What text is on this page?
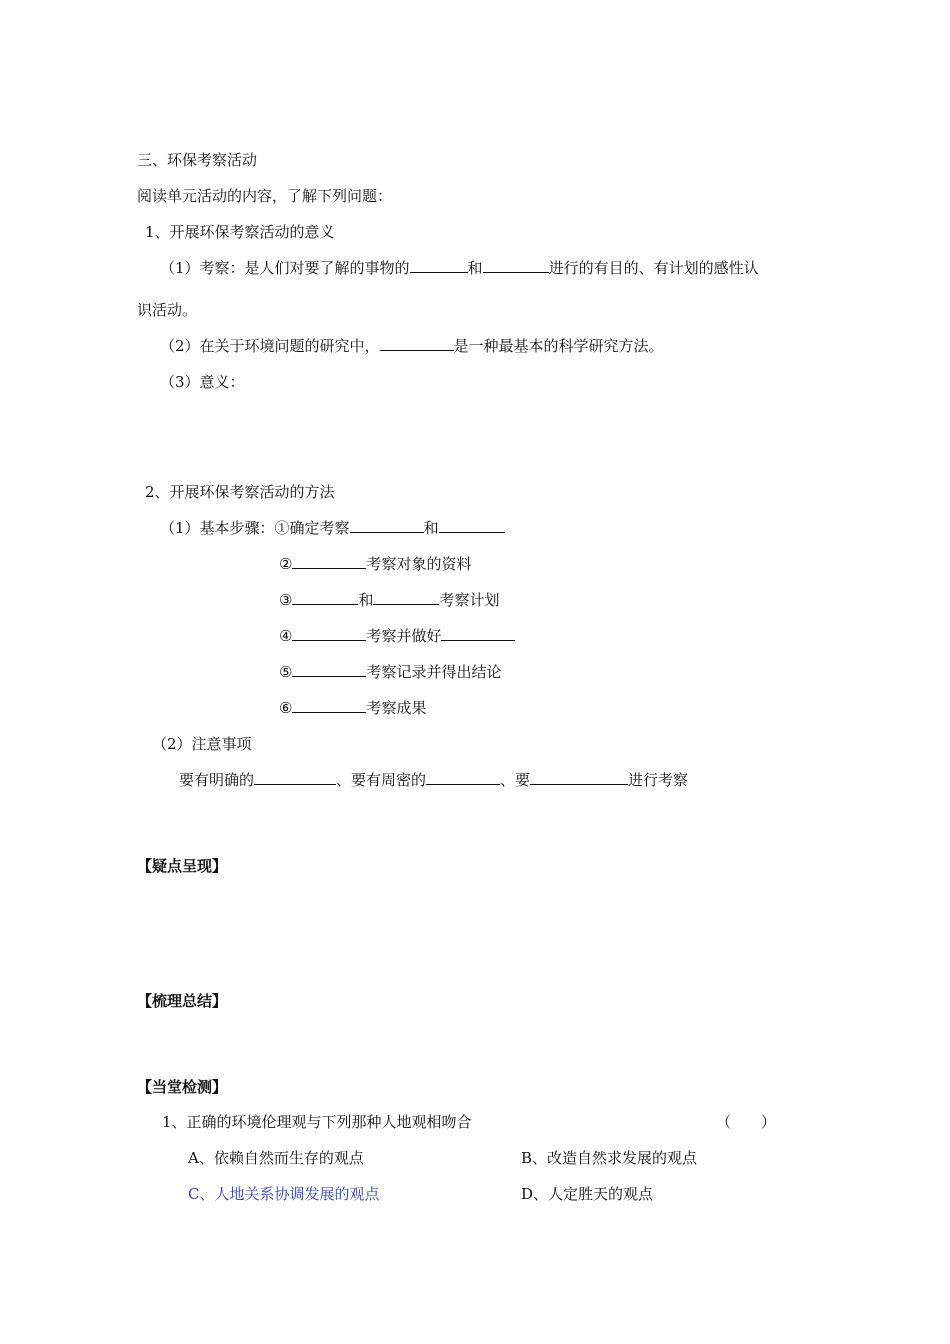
三、环保考察活动
阅读单元活动的内容，了解下列问题：
1、开展环保考察活动的意义
（1）考察：是人们对要了解的事物的	和	进行的有目的、有计划的感性认
识活动。
（2）在关于环境问题的研究中，	是一种最基本的科学研究方法。
（3）意义：
2、开展环保考察活动的方法
（1）基本步骤：①确定考察	和
②	考察对象的资料
③	和	考察计划
④	考察并做好
⑤	考察记录并得出结论
⑥	考察成果
（2）注意事项
要有明确的	、要有周密的	、要	进行考察
【疑点呈现】
【梳理总结】
【当堂检测】
1、正确的环境伦理观与下列那种人地观相吻合	（　　）
A、依赖自然而生存的观点	B、改造自然求发展的观点
C、人地关系协调发展的观点	D、人定胜天的观点
